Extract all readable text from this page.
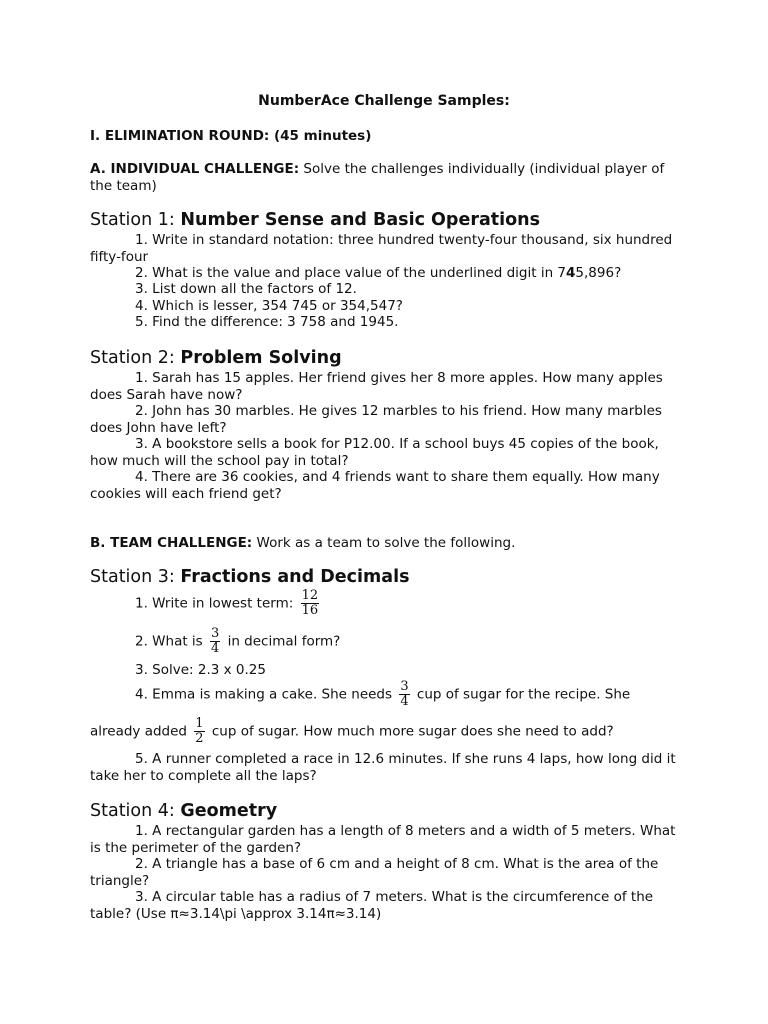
NumberAce Challenge Samples:
I. ELIMINATION ROUND: (45 minutes)
A. INDIVIDUAL CHALLENGE: Solve the challenges individually (individual player of the team)
Station 1: Number Sense and Basic Operations
1. Write in standard notation: three hundred twenty-four thousand, six hundred fifty-four
2. What is the value and place value of the underlined digit in 745,896?
3. List down all the factors of 12.
4. Which is lesser, 354 745 or 354,547?
5. Find the difference: 3 758 and 1945.
Station 2: Problem Solving
1. Sarah has 15 apples. Her friend gives her 8 more apples. How many apples does Sarah have now?
2. John has 30 marbles. He gives 12 marbles to his friend. How many marbles does John have left?
3. A bookstore sells a book for P12.00. If a school buys 45 copies of the book, how much will the school pay in total?
4. There are 36 cookies, and 4 friends want to share them equally. How many cookies will each friend get?
B. TEAM CHALLENGE: Work as a team to solve the following.
Station 3: Fractions and Decimals
1. Write in lowest term: $\frac{12}{16}$
2. What is $\frac{3}{4}$ in decimal form?
3. Solve: 2.3 x 0.25
4. Emma is making a cake. She needs $\frac{3}{4}$ cup of sugar for the recipe. She
already added $\frac{1}{2}$ cup of sugar. How much more sugar does she need to add?
5. A runner completed a race in 12.6 minutes. If she runs 4 laps, how long did it take her to complete all the laps?
Station 4: Geometry
1. A rectangular garden has a length of 8 meters and a width of 5 meters. What is the perimeter of the garden?
2. A triangle has a base of 6 cm and a height of 8 cm. What is the area of the triangle?
3. A circular table has a radius of 7 meters. What is the circumference of the table? (Use π≈3.14\pi \approx 3.14π≈3.14)
